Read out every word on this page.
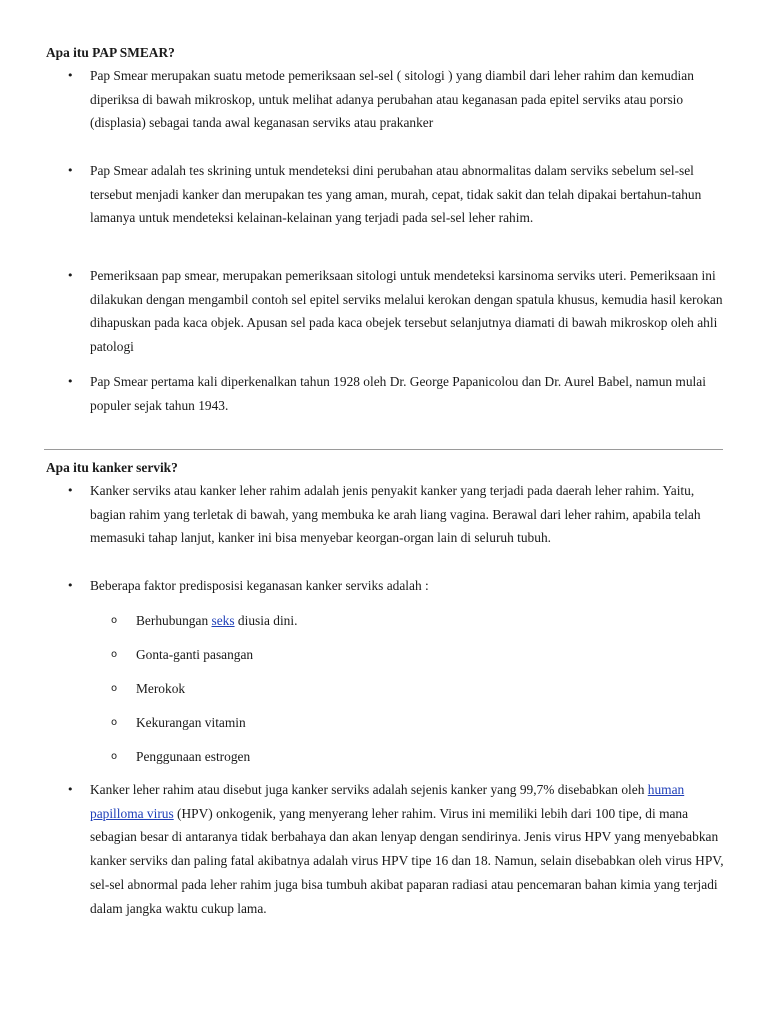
Apa itu PAP SMEAR?
• Pap Smear merupakan suatu metode pemeriksaan sel-sel ( sitologi ) yang diambil dari leher rahim dan kemudian diperiksa di bawah mikroskop, untuk melihat adanya perubahan atau keganasan pada epitel serviks atau porsio (displasia) sebagai tanda awal keganasan serviks atau prakanker
• Pap Smear adalah tes skrining untuk mendeteksi dini perubahan atau abnormalitas dalam serviks sebelum sel-sel tersebut menjadi kanker dan merupakan tes yang aman, murah, cepat, tidak sakit dan telah dipakai bertahun-tahun lamanya untuk mendeteksi kelainan-kelainan yang terjadi pada sel-sel leher rahim.
• Pemeriksaan pap smear, merupakan pemeriksaan sitologi untuk mendeteksi karsinoma serviks uteri. Pemeriksaan ini dilakukan dengan mengambil contoh sel epitel serviks melalui kerokan dengan spatula khusus, kemudia hasil kerokan dihapuskan pada kaca objek. Apusan sel pada kaca obejek tersebut selanjutnya diamati di bawah mikroskop oleh ahli patologi
• Pap Smear pertama kali diperkenalkan tahun 1928 oleh Dr. George Papanicolou dan Dr. Aurel Babel, namun mulai populer sejak tahun 1943.
Apa itu kanker servik?
• Kanker serviks atau kanker leher rahim adalah jenis penyakit kanker yang terjadi pada daerah leher rahim. Yaitu, bagian rahim yang terletak di bawah, yang membuka ke arah liang vagina. Berawal dari leher rahim, apabila telah memasuki tahap lanjut, kanker ini bisa menyebar keorgan-organ lain di seluruh tubuh.
• Beberapa faktor predisposisi keganasan kanker serviks adalah :
o Berhubungan seks diusia dini.
o Gonta-ganti pasangan
o Merokok
o Kekurangan vitamin
o Penggunaan estrogen
• Kanker leher rahim atau disebut juga kanker serviks adalah sejenis kanker yang 99,7% disebabkan oleh human papilloma virus (HPV) onkogenik, yang menyerang leher rahim. Virus ini memiliki lebih dari 100 tipe, di mana sebagian besar di antaranya tidak berbahaya dan akan lenyap dengan sendirinya. Jenis virus HPV yang menyebabkan kanker serviks dan paling fatal akibatnya adalah virus HPV tipe 16 dan 18. Namun, selain disebabkan oleh virus HPV, sel-sel abnormal pada leher rahim juga bisa tumbuh akibat paparan radiasi atau pencemaran bahan kimia yang terjadi dalam jangka waktu cukup lama.
